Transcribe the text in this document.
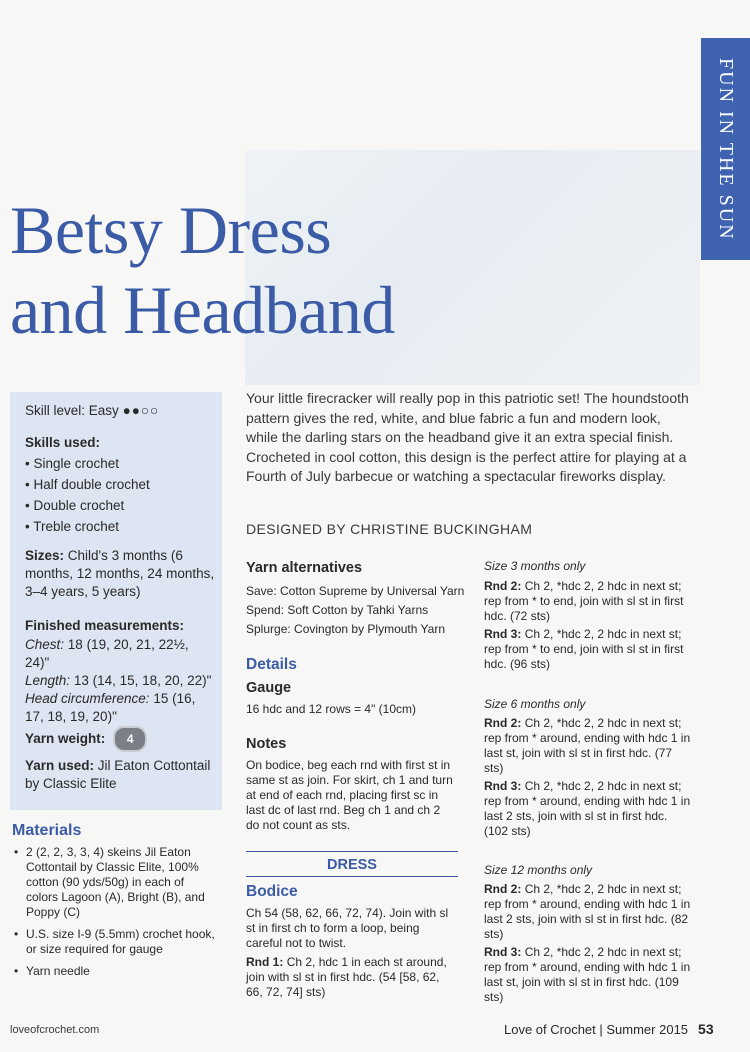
FUN IN THE SUN
Betsy Dress
and Headband
Skill level: Easy ●●○○
Skills used:
• Single crochet
• Half double crochet
• Double crochet
• Treble crochet
Sizes: Child's 3 months (6 months, 12 months, 24 months, 3–4 years, 5 years)
Finished measurements:
Chest: 18 (19, 20, 21, 22½, 24)"
Length: 13 (14, 15, 18, 20, 22)"
Head circumference: 15 (16, 17, 18, 19, 20)"
Yarn weight:	4
Yarn used: Jil Eaton Cottontail by Classic Elite
Materials
• 2 (2, 2, 3, 3, 4) skeins Jil Eaton Cottontail by Classic Elite, 100% cotton (90 yds/50g) in each of colors Lagoon (A), Bright (B), and Poppy (C)
• U.S. size I-9 (5.5mm) crochet hook, or size required for gauge
• Yarn needle

Your little firecracker will really pop in this patriotic set! The houndstooth pattern gives the red, white, and blue fabric a fun and modern look, while the darling stars on the headband give it an extra special finish. Crocheted in cool cotton, this design is the perfect attire for playing at a Fourth of July barbecue or watching a spectacular fireworks display.

DESIGNED BY CHRISTINE BUCKINGHAM
Yarn alternatives

Save: Cotton Supreme by Universal Yarn

Spend: Soft Cotton by Tahki Yarns

Splurge: Covington by Plymouth Yarn

Details
Gauge
16 hdc and 12 rows = 4" (10cm)
Notes
On bodice, beg each rnd with first st in same st as join. For skirt, ch 1 and turn at end of each rnd, placing first sc in last dc of last rnd. Beg ch 1 and ch 2 do not count as sts.
DRESS
Bodice
Ch 54 (58, 62, 66, 72, 74). Join with sl st in first ch to form a loop, being careful not to twist.
Rnd 1: Ch 2, hdc 1 in each st around, join with sl st in first hdc. (54 [58, 62, 66, 72, 74] sts)
Size 3 months only
Rnd 2: Ch 2, *hdc 2, 2 hdc in next st; rep from * to end, join with sl st in first hdc. (72 sts)
Rnd 3: Ch 2, *hdc 2, 2 hdc in next st; rep from * to end, join with sl st in first hdc. (96 sts)
Size 6 months only
Rnd 2: Ch 2, *hdc 2, 2 hdc in next st; rep from * around, ending with hdc 1 in last st, join with sl st in first hdc. (77 sts)
Rnd 3: Ch 2, *hdc 2, 2 hdc in next st; rep from * around, ending with hdc 1 in last 2 sts, join with sl st in first hdc. (102 sts)
Size 12 months only
Rnd 2: Ch 2, *hdc 2, 2 hdc in next st; rep from * around, ending with hdc 1 in last 2 sts, join with sl st in first hdc. (82 sts)
Rnd 3: Ch 2, *hdc 2, 2 hdc in next st; rep from * around, ending with hdc 1 in last st, join with sl st in first hdc. (109 sts)
loveofcrochet.com	Love of Crochet | Summer 2015 53
